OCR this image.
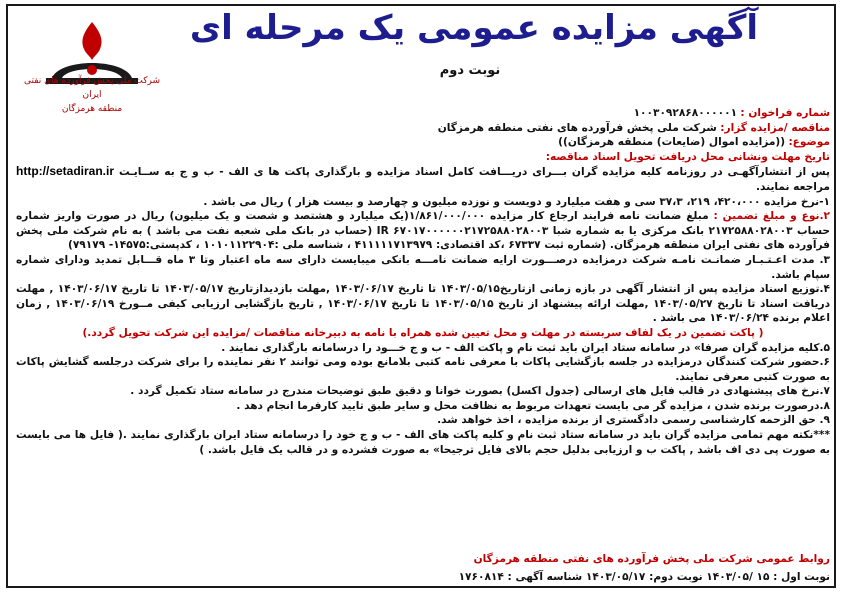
آگهی مزایده عمومی یک مرحله ای
نوبت دوم
شرکت ملی پخش فرآورده های نفتی ایران
منطقه هرمزگان	شماره فراخوان : ۱۰۰۳۰۹۲۸۶۸۰۰۰۰۰۱

مناقصه /مزایده گزار: شرکت ملی پخش فرآورده های نفتی منطقه هرمزگان

موضوع: ((مزایده اموال (ضایعات) منطقه هرمزگان))

تاریخ مهلت ونشانی محل دریافت تحویل اسناد مناقصه:

پس از انتشارآگهـی در روزنامه کلیه مزایده گران بـــرای دریـــافت کامل اسناد مزایده و بارگذاری پاکت ها ی الف - ب و ج به ســایـت http://setadiran.ir مراجعه نمایند.

۱-نرخ مزایده ۴۲۰،۰۰۰، ۲۱۹، ۳۷،۳ سی و هفت میلیارد و دویست و نوزده میلیون و چهارصد و بیست هزار ) ریال می باشد .

۲.نوع و مبلغ تضمین : مبلغ ضمانت نامه فرایند ارجاع کار مزایده ۱/۸۶۱/۰۰۰/۰۰۰(یک میلیارد و هشتصد و شصت و یک میلیون) ریال در صورت واریز شماره حساب ۲۱۷۲۵۸۸۰۲۸۰۰۳ بانک مرکزی یا به شماره شبا IR ۶۷۰۱۷۰۰۰۰۰۰۲۱۷۲۵۸۸۰۲۸۰۰۳ (حساب در بانک ملی شعبه نفت می باشد ) به نام شرکت ملی پخش فرآورده های نفتی ایران منطقه هرمزگان. (شماره ثبت ۶۷۳۳۷ ،کد اقتصادی: ۴۱۱۱۱۱۷۱۳۹۷۹ ، شناسه ملی :۱۰۱۰۱۱۲۲۹۰۴ ، کدپستی:۱۴۵۷۵- ۷۹۱۷۹)

۳. مدت اعـتـبـار ضمانـت نامـه شرکت درمزایده درصـــورت ارایه ضمانت نامـــه بانکی میبایست دارای سه ماه اعتبار وتا ۳ ماه قـــابل تمدید ودارای شماره سپام باشد.

۴.توزیع اسناد مزایده پس از انتشار آگهی در بازه زمانی ازتاریخ۱۴۰۳/۰۵/۱۵ تا تاریخ ۱۴۰۳/۰۶/۱۷ ,مهلت بازدیدازتاریخ ۱۴۰۳/۰۵/۱۷ تا تاریخ ۱۴۰۳/۰۶/۱۷ , مهلت دریافت اسناد تا تاریخ ۱۴۰۳/۰۵/۲۷ ,مهلت ارائه پیشنهاد از تاریخ ۱۴۰۳/۰۵/۱۵ تا تاریخ ۱۴۰۳/۰۶/۱۷ , تاریخ بازگشایی ارزیابی کیفی مــورخ ۱۴۰۳/۰۶/۱۹ , زمان اعلام برنده ۱۴۰۳/۰۶/۲۴ می باشد .

( پاکت تضمین در یک لفاف سربسته در مهلت و محل تعیین شده همراه با نامه به دبیرخانه مناقصات /مزایده این شرکت تحویل گردد.)

۵.کلیه مزایده گران صرفا» در سامانه ستاد ایران باید ثبت نام و پاکت الف - ب و ج خـــود را درسامانه بارگذاری نمایند .

۶.حضور شرکت کنندگان درمزایده در جلسه بازگشایی پاکات با معرفی نامه کتبی بلامانع بوده ومی توانند ۲ نفر نماینده را برای شرکت درجلسه گشایش پاکات به صورت کتبی معرفی نمایند.

۷.نرخ های پیشنهادی در قالب فایل های ارسالی (جدول اکسل) بصورت خوانا و دقیق طبق توضیحات مندرج در سامانه ستاد تکمیل گردد .

۸.درصورت برنده شدن ، مزایده گر می بایست تعهدات مربوط به نظافت محل و سایر طبق تایید کارفرما انجام دهد .

۹. حق الزحمه کارشناسی رسمی دادگستری از برنده مزایده ، اخذ خواهد شد.

***نکته مهم تمامی مزایده گران باید در سامانه ستاد ثبت نام و کلیه پاکت های الف - ب و ج خود را درسامانه ستاد ایران بارگذاری نمایند .( فایل ها می بایست به صورت پی دی اف باشد , پاکت ب و ارزیابی بدلیل حجم بالای فایل ترجیحا» به صورت فشرده و در قالب یک فایل باشد. )

روابط عمومی شرکت ملی پخش فرآورده های نفتی منطقه هرمزگان
نوبت اول : ۱۵ /۱۴۰۳/۰۵ نوبت دوم: ۱۴۰۳/۰۵/۱۷ شناسه آگهی : ۱۷۶۰۸۱۴
